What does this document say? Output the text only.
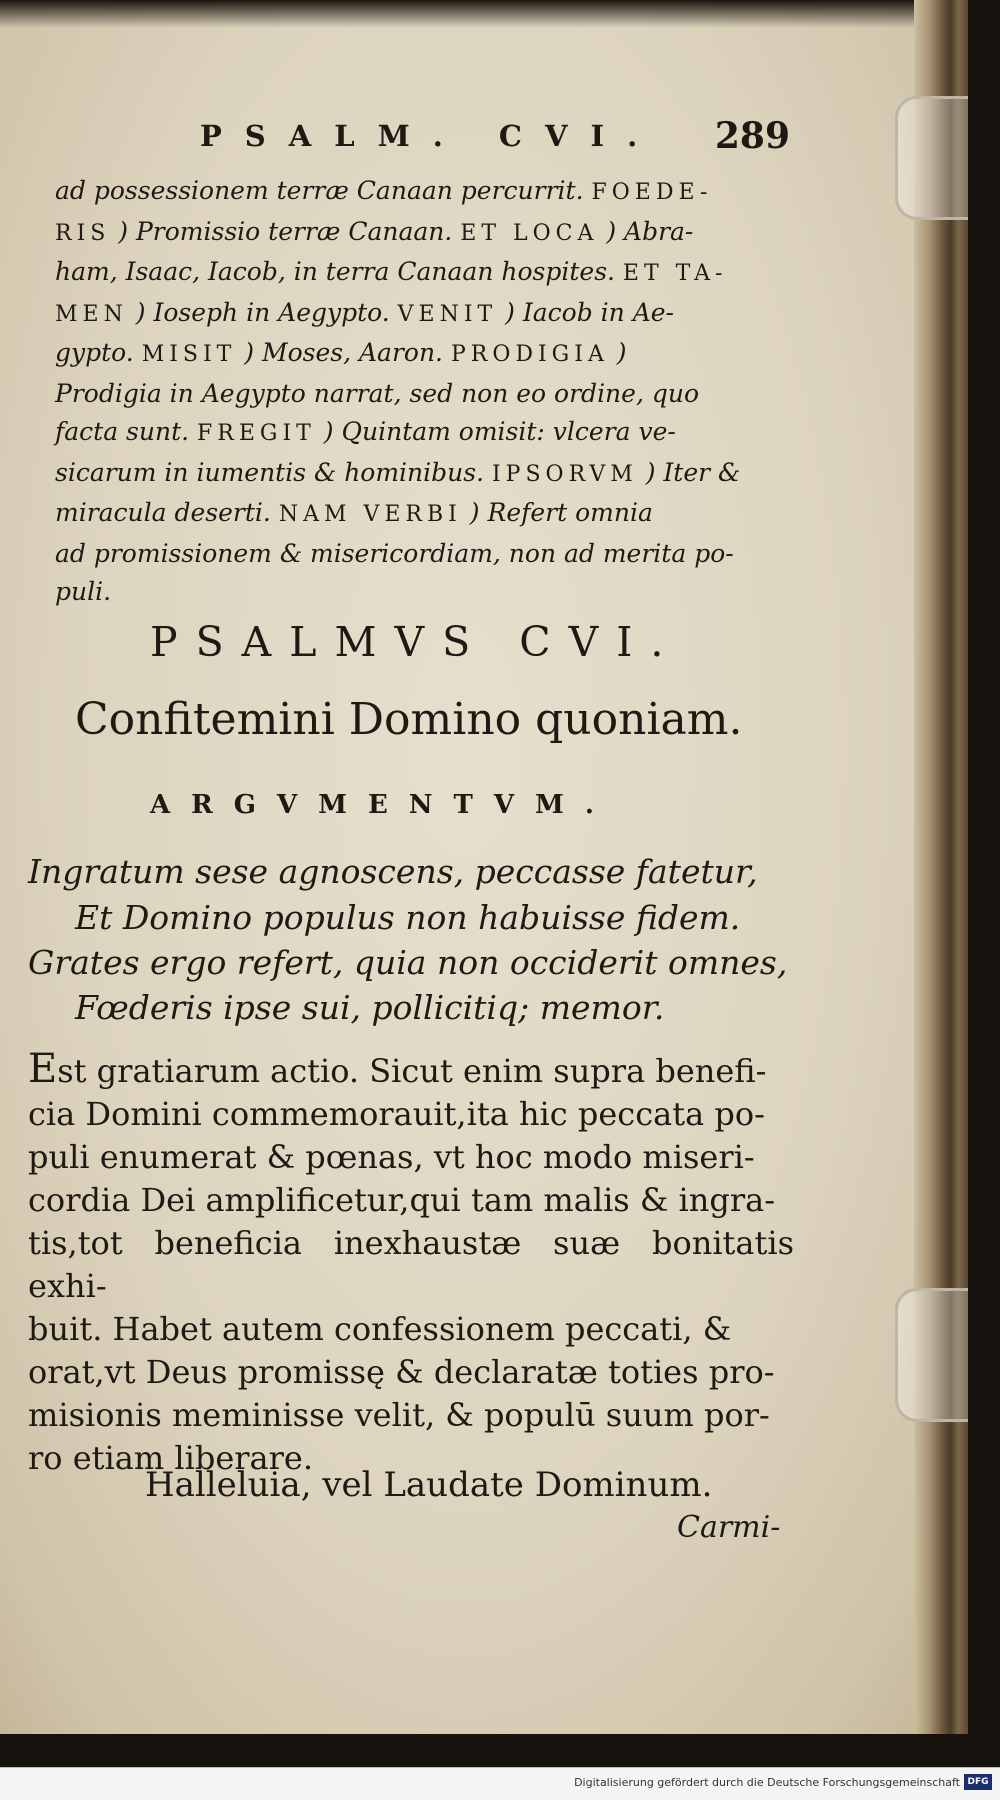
PSALM. CVI. 289

ad possessionem terræ Canaan percurrit. FOEDE-

RIS ) Promissio terræ Canaan. ET LOCA ) Abra-

ham, Isaac, Iacob, in terra Canaan hospites. ET TA-

MEN ) Ioseph in Aegypto. VENIT ) Iacob in Ae-

gypto. MISIT ) Moses, Aaron. PRODIGIA )

Prodigia in Aegypto narrat, sed non eo ordine, quo

facta sunt. FREGIT ) Quintam omisit: vlcera ve-

sicarum in iumentis & hominibus. IPSORVM ) Iter &

miracula deserti. NAM VERBI ) Refert omnia

ad promissionem & misericordiam, non ad merita po-

puli.

PSALMVS CVI.
Confitemini Domino quoniam.
ARGVMENTVM.
Ingratum sese agnoscens, peccasse fatetur,
Et Domino populus non habuisse fidem.
Grates ergo refert, quia non occiderit omnes,
Fœderis ipse sui, pollicitiq; memor.
Est gratiarum actio. Sicut enim supra benefi-
cia Domini commemorauit,ita hic peccata po-
puli enumerat & pœnas, vt hoc modo miseri-
cordia Dei amplificetur,qui tam malis & ingra-
tis,tot beneficia inexhaustæ suæ bonitatis exhi-
buit. Habet autem confessionem peccati, &
orat,vt Deus promissę & declaratæ toties pro-
misionis meminisse velit, & populū suum por-
ro etiam liberare.
Halleluia, vel Laudate Dominum.
Carmi-
Digitalisierung gefördert durch die Deutsche Forschungsgemeinschaft DFG
